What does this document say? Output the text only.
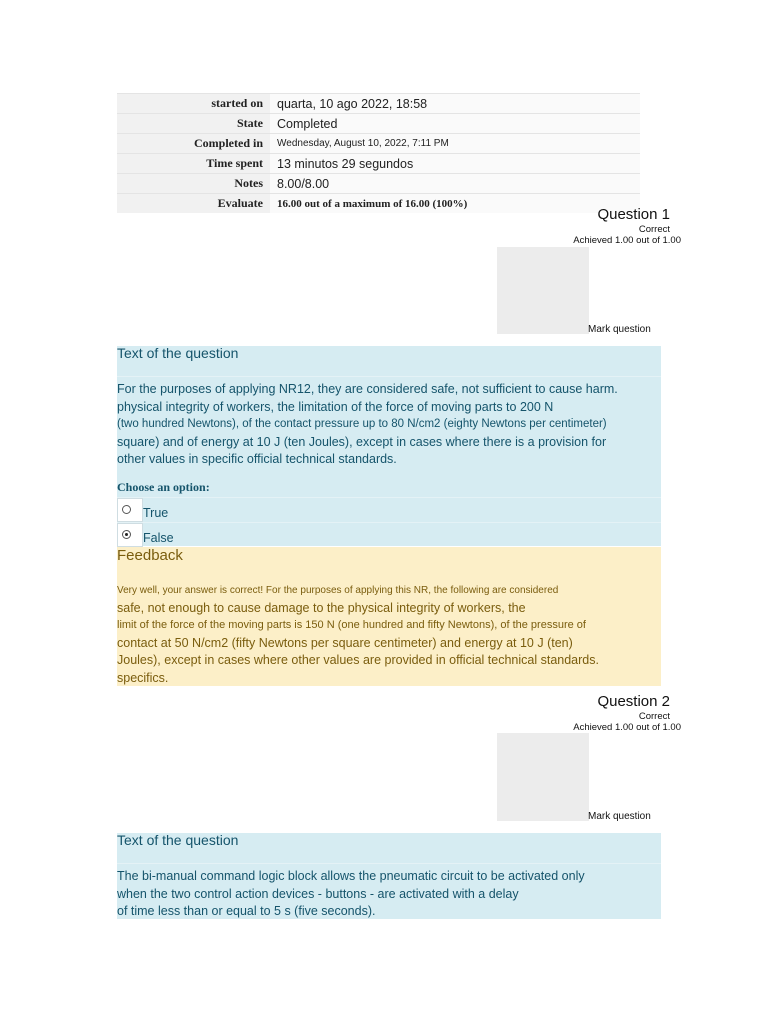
started on	quarta, 10 ago 2022, 18:58
State	Completed
Completed in	Wednesday, August 10, 2022, 7:11 PM
Time spent	13 minutos 29 segundos
Notes	8.00/8.00
Evaluate	16.00 out of a maximum of 16.00 (100%)
Question 1
Correct
Achieved 1.00 out of 1.00
Mark question
Text of the question
For the purposes of applying NR12, they are considered safe, not sufficient to cause harm.
physical integrity of workers, the limitation of the force of moving parts to 200 N
(two hundred Newtons), of the contact pressure up to 80 N/cm2 (eighty Newtons per centimeter)
square) and of energy at 10 J (ten Joules), except in cases where there is a provision for
other values in specific official technical standards.
Choose an option:
True
False
Feedback
Very well, your answer is correct! For the purposes of applying this NR, the following are considered
safe, not enough to cause damage to the physical integrity of workers, the
limit of the force of the moving parts is 150 N (one hundred and fifty Newtons), of the pressure of
contact at 50 N/cm2 (fifty Newtons per square centimeter) and energy at 10 J (ten)
Joules), except in cases where other values are provided in official technical standards.
specifics.
Question 2
Correct
Achieved 1.00 out of 1.00
Mark question
Text of the question
The bi-manual command logic block allows the pneumatic circuit to be activated only
when the two control action devices - buttons - are activated with a delay
of time less than or equal to 5 s (five seconds).
